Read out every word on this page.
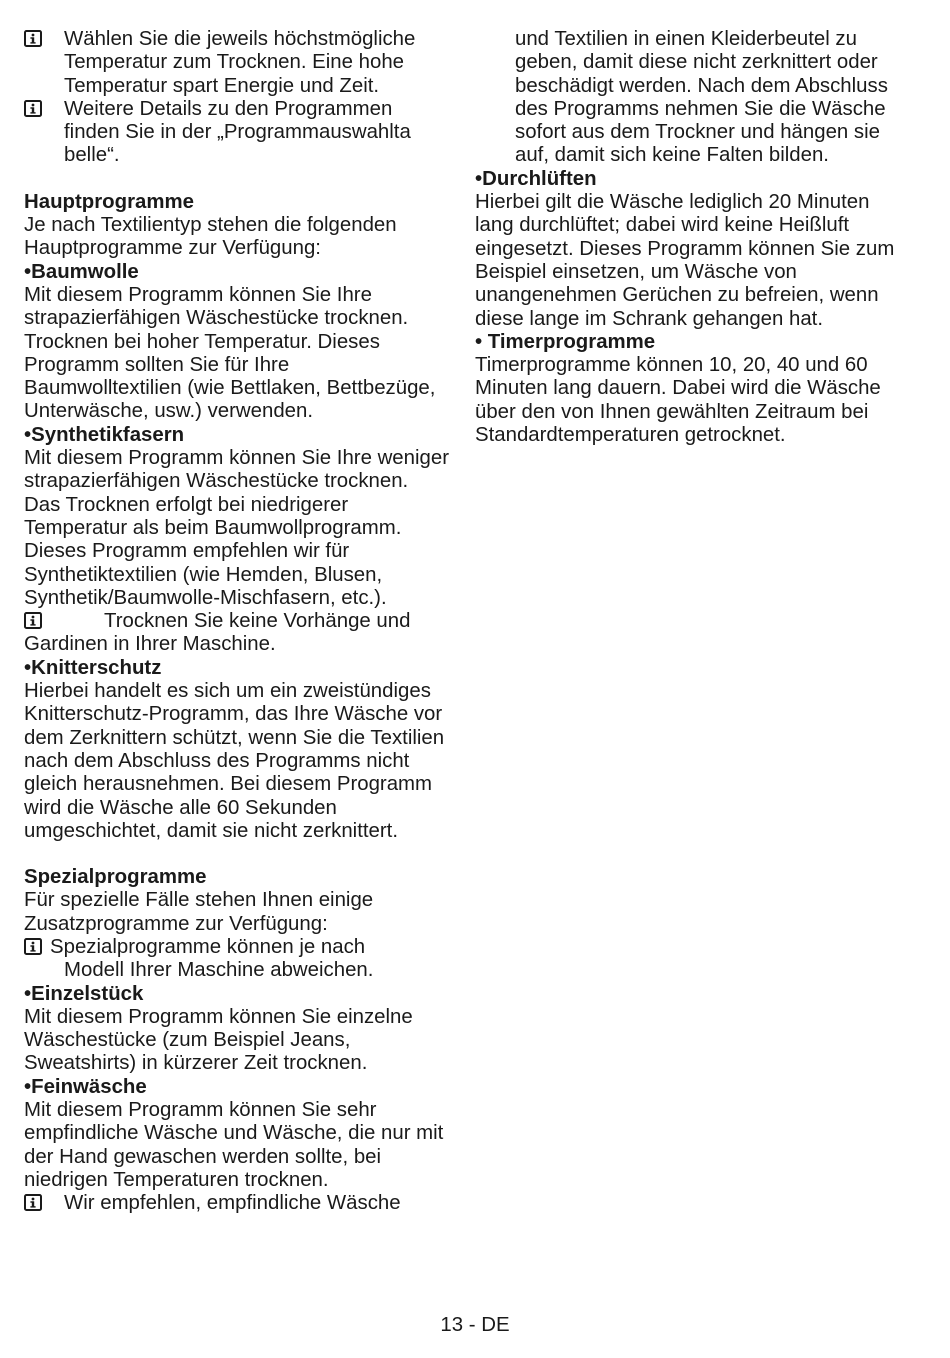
Wählen Sie die jeweils höchstmögliche Temperatur zum Trocknen. Eine hohe Temperatur spart Energie und Zeit.

Weitere Details zu den Programmen finden Sie in der „Programmauswahlta belle“.

Hauptprogramme

Je nach Textilientyp stehen die folgenden Hauptprogramme zur Verfügung:

•Baumwolle

Mit diesem Programm können Sie Ihre strapazierfähigen Wäschestücke trocknen. Trocknen bei hoher Temperatur. Dieses Programm sollten Sie für Ihre Baumwolltextilien (wie Bettlaken, Bettbezüge, Unterwäsche, usw.) verwenden.

•Synthetikfasern

Mit diesem Programm können Sie Ihre weniger strapazierfähigen Wäschestücke trocknen. Das Trocknen erfolgt bei niedrigerer Temperatur als beim Baumwollprogramm. Dieses Programm empfehlen wir für Synthetiktextilien (wie Hemden, Blusen, Synthetik/Baumwolle-Mischfasern, etc.).

Trocknen Sie keine Vorhänge und Gardinen in Ihrer Maschine.

•Knitterschutz

Hierbei handelt es sich um ein zweistündiges Knitterschutz-Programm, das Ihre Wäsche vor dem Zerknittern schützt, wenn Sie die Textilien nach dem Abschluss des Programms nicht gleich herausnehmen. Bei diesem Programm wird die Wäsche alle 60 Sekunden umgeschichtet, damit sie nicht zerknittert.

Spezialprogramme

Für spezielle Fälle stehen Ihnen einige Zusatzprogramme zur Verfügung:

Spezialprogramme können je nach

Modell Ihrer Maschine abweichen.

•Einzelstück

Mit diesem Programm können Sie einzelne Wäschestücke (zum Beispiel Jeans, Sweatshirts) in kürzerer Zeit trocknen.

•Feinwäsche

Mit diesem Programm können Sie sehr empfindliche Wäsche und Wäsche, die nur mit der Hand gewaschen werden sollte, bei niedrigen Temperaturen trocknen.

Wir empfehlen, empfindliche Wäsche

und Textilien in einen Kleiderbeutel zu geben, damit diese nicht zerknittert oder beschädigt werden. Nach dem Abschluss des Programms nehmen Sie die Wäsche sofort aus dem Trockner und hängen sie auf, damit sich keine Falten bilden.

•Durchlüften

Hierbei gilt die Wäsche lediglich 20 Minuten lang durchlüftet; dabei wird keine Heißluft eingesetzt. Dieses Programm können Sie zum Beispiel einsetzen, um Wäsche von unangenehmen Gerüchen zu befreien, wenn diese lange im Schrank gehangen hat.

• Timerprogramme

Timerprogramme können 10, 20, 40 und 60 Minuten lang dauern. Dabei wird die Wäsche über den von Ihnen gewählten Zeitraum bei Standardtemperaturen getrocknet.

13 - DE
